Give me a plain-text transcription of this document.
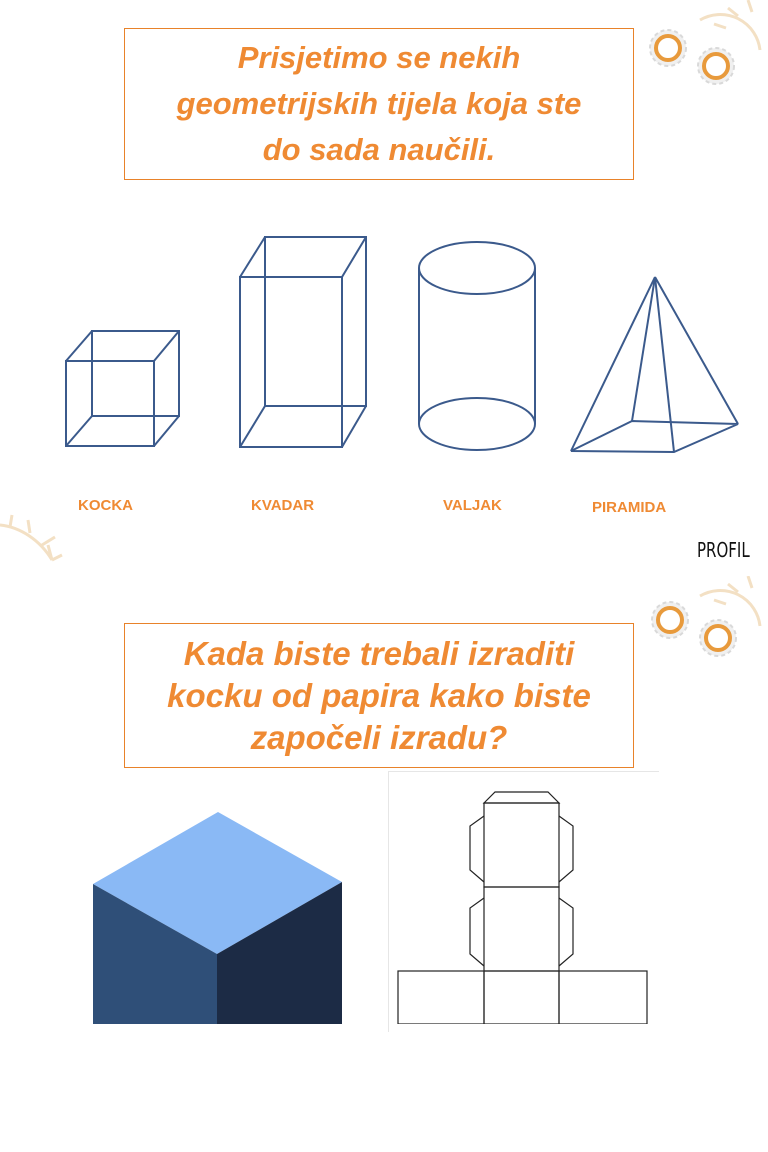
Prisjetimo se nekih
geometrijskih tijela koja ste
do sada naučili.
KOCKA	KVADAR	VALJAK	PIRAMIDA
PROFIL
Kada biste trebali izraditi
kocku od papira kako biste
započeli izradu?
